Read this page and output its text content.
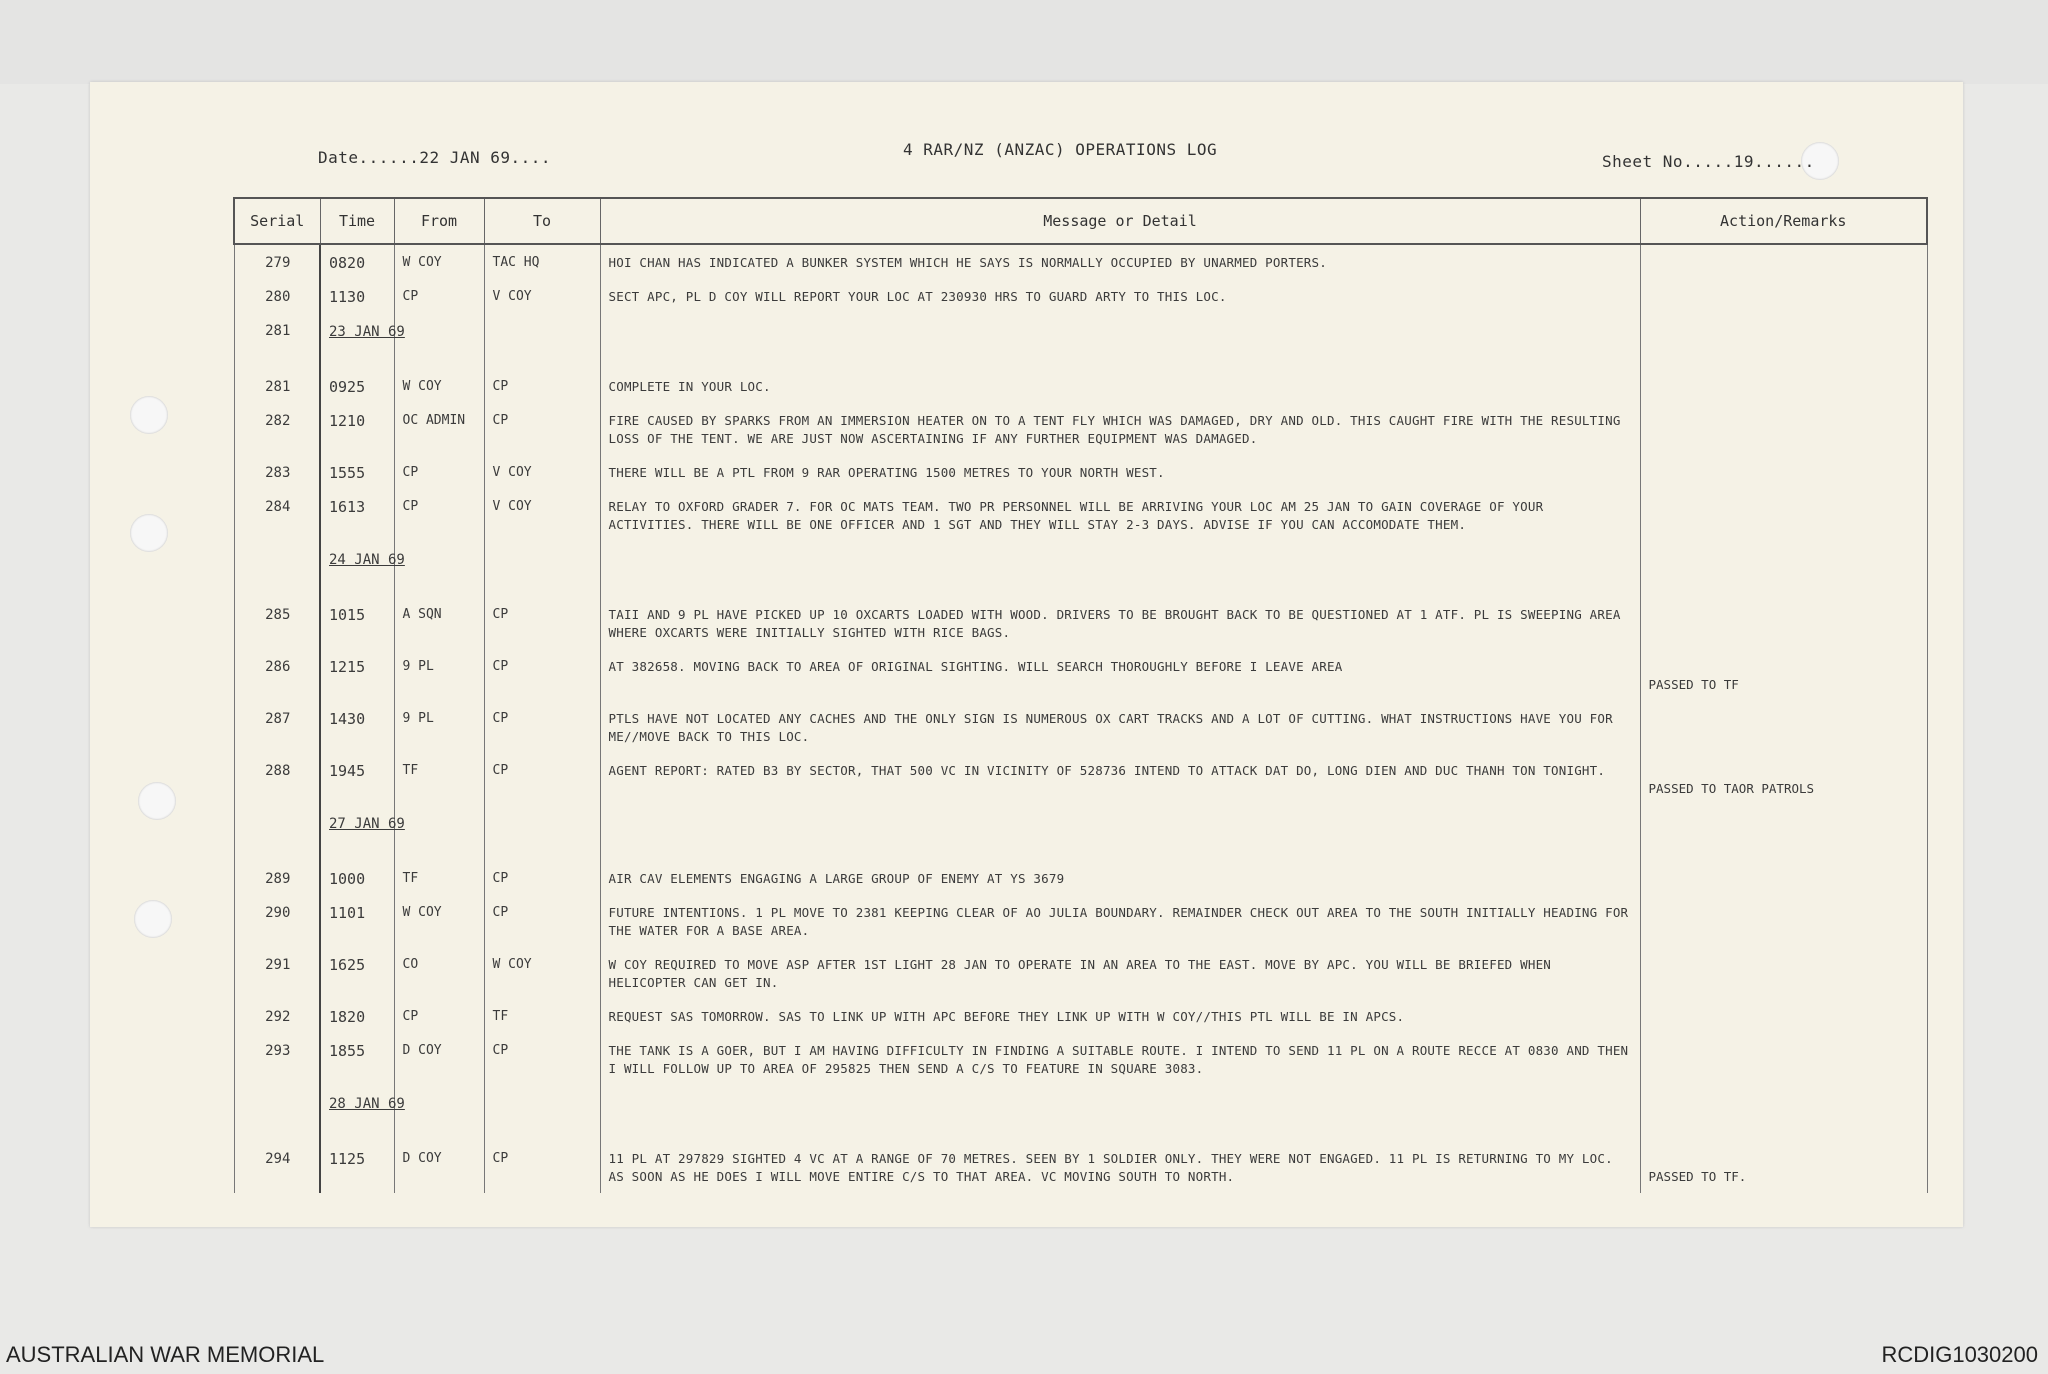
Date......22 JAN 69....	4 RAR/NZ (ANZAC) OPERATIONS LOG
Sheet No.....19......
Serial	Time	From	To	Message or Detail	Action/Remarks
279	0820	W COY	TAC HQ	HOI CHAN HAS INDICATED A BUNKER SYSTEM WHICH HE SAYS IS NORMALLY OCCUPIED BY UNARMED PORTERS.	
280	1130	CP	V COY	SECT APC, PL D COY WILL REPORT YOUR LOC AT 230930 HRS TO GUARD ARTY TO THIS LOC.	
281	23 JAN 69				
281	0925	W COY	CP	COMPLETE IN YOUR LOC.	
282	1210	OC ADMIN	CP	FIRE CAUSED BY SPARKS FROM AN IMMERSION HEATER ON TO A TENT FLY WHICH WAS DAMAGED, DRY AND OLD. THIS CAUGHT FIRE WITH THE RESULTING LOSS OF THE TENT. WE ARE JUST NOW ASCERTAINING IF ANY FURTHER EQUIPMENT WAS DAMAGED.	
283	1555	CP	V COY	THERE WILL BE A PTL FROM 9 RAR OPERATING 1500 METRES TO YOUR NORTH WEST.	
284	1613	CP	V COY	RELAY TO OXFORD GRADER 7. FOR OC MATS TEAM. TWO PR PERSONNEL WILL BE ARRIVING YOUR LOC AM 25 JAN TO GAIN COVERAGE OF YOUR ACTIVITIES. THERE WILL BE ONE OFFICER AND 1 SGT AND THEY WILL STAY 2-3 DAYS. ADVISE IF YOU CAN ACCOMODATE THEM.	
	24 JAN 69				
285	1015	A SQN	CP	TAII AND 9 PL HAVE PICKED UP 10 OXCARTS LOADED WITH WOOD. DRIVERS TO BE BROUGHT BACK TO BE QUESTIONED AT 1 ATF. PL IS SWEEPING AREA WHERE OXCARTS WERE INITIALLY SIGHTED WITH RICE BAGS.	
286	1215	9 PL	CP	AT 382658. MOVING BACK TO AREA OF ORIGINAL SIGHTING. WILL SEARCH THOROUGHLY BEFORE I LEAVE AREA	PASSED TO TF
287	1430	9 PL	CP	PTLS HAVE NOT LOCATED ANY CACHES AND THE ONLY SIGN IS NUMEROUS OX CART TRACKS AND A LOT OF CUTTING. WHAT INSTRUCTIONS HAVE YOU FOR ME//MOVE BACK TO THIS LOC.	
288	1945	TF	CP	AGENT REPORT: RATED B3 BY SECTOR, THAT 500 VC IN VICINITY OF 528736 INTEND TO ATTACK DAT DO, LONG DIEN AND DUC THANH TON TONIGHT.	PASSED TO TAOR PATROLS
	27 JAN 69				
289	1000	TF	CP	AIR CAV ELEMENTS ENGAGING A LARGE GROUP OF ENEMY AT YS 3679	
290	1101	W COY	CP	FUTURE INTENTIONS. 1 PL MOVE TO 2381 KEEPING CLEAR OF AO JULIA BOUNDARY. REMAINDER CHECK OUT AREA TO THE SOUTH INITIALLY HEADING FOR THE WATER FOR A BASE AREA.	
291	1625	CO	W COY	W COY REQUIRED TO MOVE ASP AFTER 1ST LIGHT 28 JAN TO OPERATE IN AN AREA TO THE EAST. MOVE BY APC. YOU WILL BE BRIEFED WHEN HELICOPTER CAN GET IN.	
292	1820	CP	TF	REQUEST SAS TOMORROW. SAS TO LINK UP WITH APC BEFORE THEY LINK UP WITH W COY//THIS PTL WILL BE IN APCS.	
293	1855	D COY	CP	THE TANK IS A GOER, BUT I AM HAVING DIFFICULTY IN FINDING A SUITABLE ROUTE. I INTEND TO SEND 11 PL ON A ROUTE RECCE AT 0830 AND THEN I WILL FOLLOW UP TO AREA OF 295825 THEN SEND A C/S TO FEATURE IN SQUARE 3083.	
	28 JAN 69				
294	1125	D COY	CP	11 PL AT 297829 SIGHTED 4 VC AT A RANGE OF 70 METRES. SEEN BY 1 SOLDIER ONLY. THEY WERE NOT ENGAGED. 11 PL IS RETURNING TO MY LOC. AS SOON AS HE DOES I WILL MOVE ENTIRE C/S TO THAT AREA. VC MOVING SOUTH TO NORTH.	PASSED TO TF.
AUSTRALIAN WAR MEMORIAL	RCDIG1030200
